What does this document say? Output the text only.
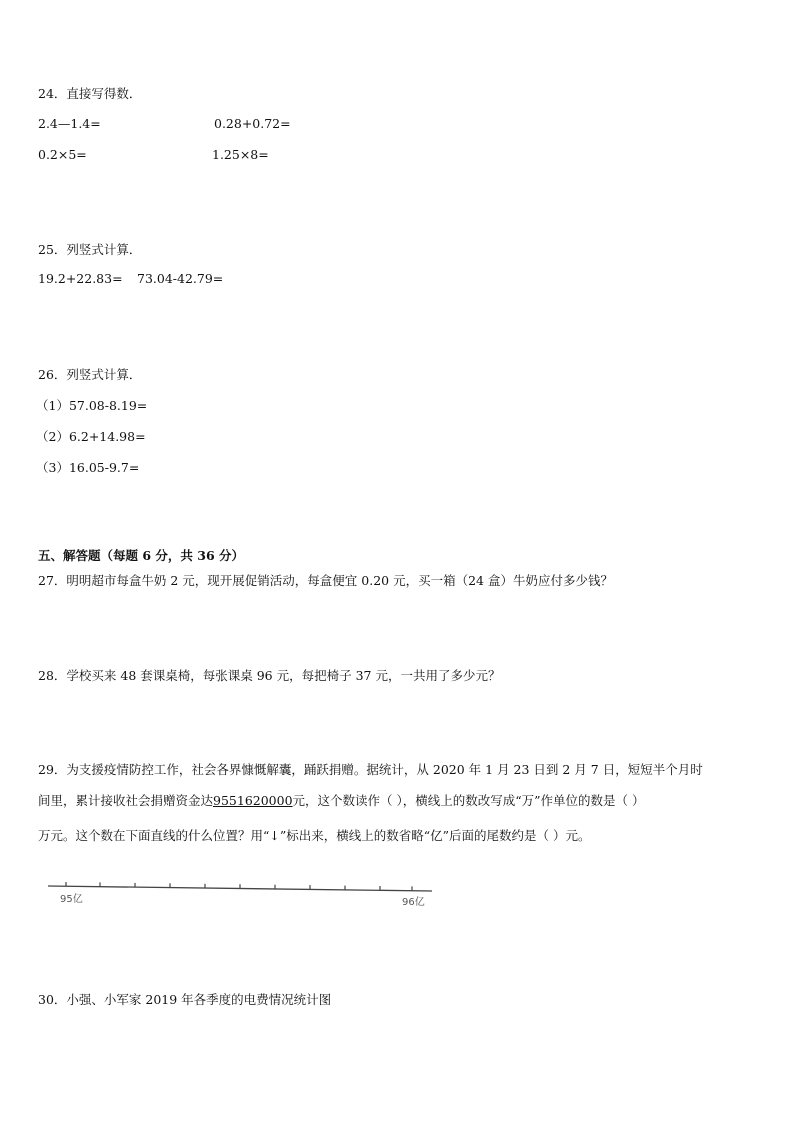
24．直接写得数．
2.4—1.4=	0.28+0.72=
0.2×5=	1.25×8=
25．列竖式计算．
19.2+22.83= 73.04-42.79=
26．列竖式计算．
（1）57.08-8.19=
（2）6.2+14.98=
（3）16.05-9.7=
五、解答题（每题 6 分，共 36 分）
27．明明超市每盒牛奶 2 元，现开展促销活动，每盒便宜 0.20 元，买一箱（24 盒）牛奶应付多少钱？
28．学校买来 48 套课桌椅，每张课桌 96 元，每把椅子 37 元，一共用了多少元？
29．为支援疫情防控工作，社会各界慷慨解囊，踊跃捐赠。据统计，从 2020 年 1 月 23 日到 2 月 7 日，短短半个月时
间里，累计接收社会捐赠资金达9551620000元，这个数读作（ ），横线上的数改写成“万”作单位的数是（ ）
万元。这个数在下面直线的什么位置？用“↓”标出来，横线上的数省略“亿”后面的尾数约是（ ）元。
95亿	96亿
30．小强、小军家 2019 年各季度的电费情况统计图
